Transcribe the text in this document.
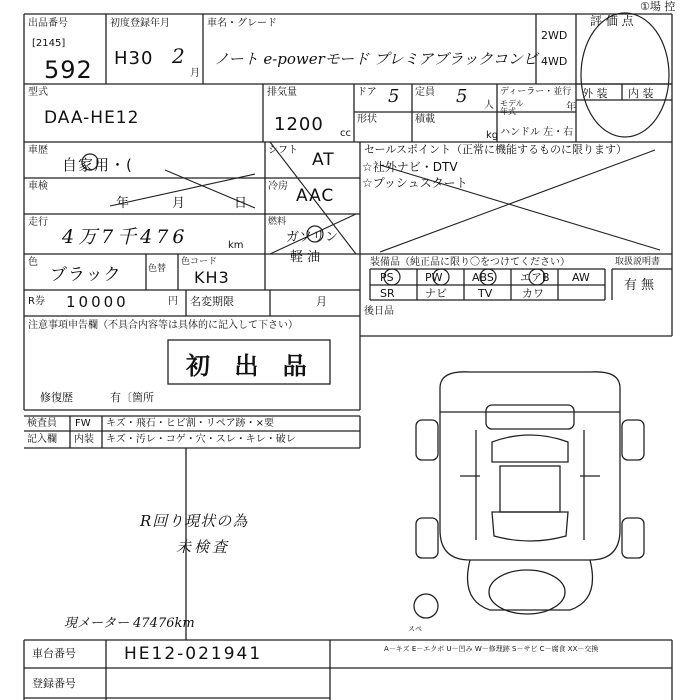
①場 控
出品番号
[2145]
592
初度登録年月
H30 2
月
車名・グレード
ノート e-powerモード プレミアブラックコンビ
2WD
4WD
評 価 点
外 装 内 装
型式
DAA-HE12
排気量
1200 cc
ドア 5 定員 5 人
ディーラー・並行
モデル年式	年
形状	積載
kg ハンドル 左・右
車歴
自家用・(
シフト AT
セールスポイント（正常に機能するものに限ります）
☆社外ナビ・DTV
☆プッシュスタート
車検
年	月	日
冷房 AAC
走行
4万7千476	km
燃料
ガソリン
軽 油
色
ブラック	色替
色コード
KH3
装備品（純正品に限り〇をつけてください）
PS	PW	ABS エアB AW
SR	ナビ	TV	カワ
取扱説明書
有 無
R券 10000	円 名変期限	月
後日品
注意事項申告欄（不具合内容等は具体的に記入して下さい）
初 出 品
修復歴	有〔箇所
検査員
記入欄
FW キズ・飛石・ヒビ割・リペア跡・×要
内装 キズ・汚レ・コゲ・穴・スレ・キレ・破レ
R回り現状の為
未検査
現メーター 47476km	スペ
A－キズ E－エクボ U－凹み W－修理跡 S－サビ C－腐食 XX－交換
車台番号	HE12-021941
登録番号
